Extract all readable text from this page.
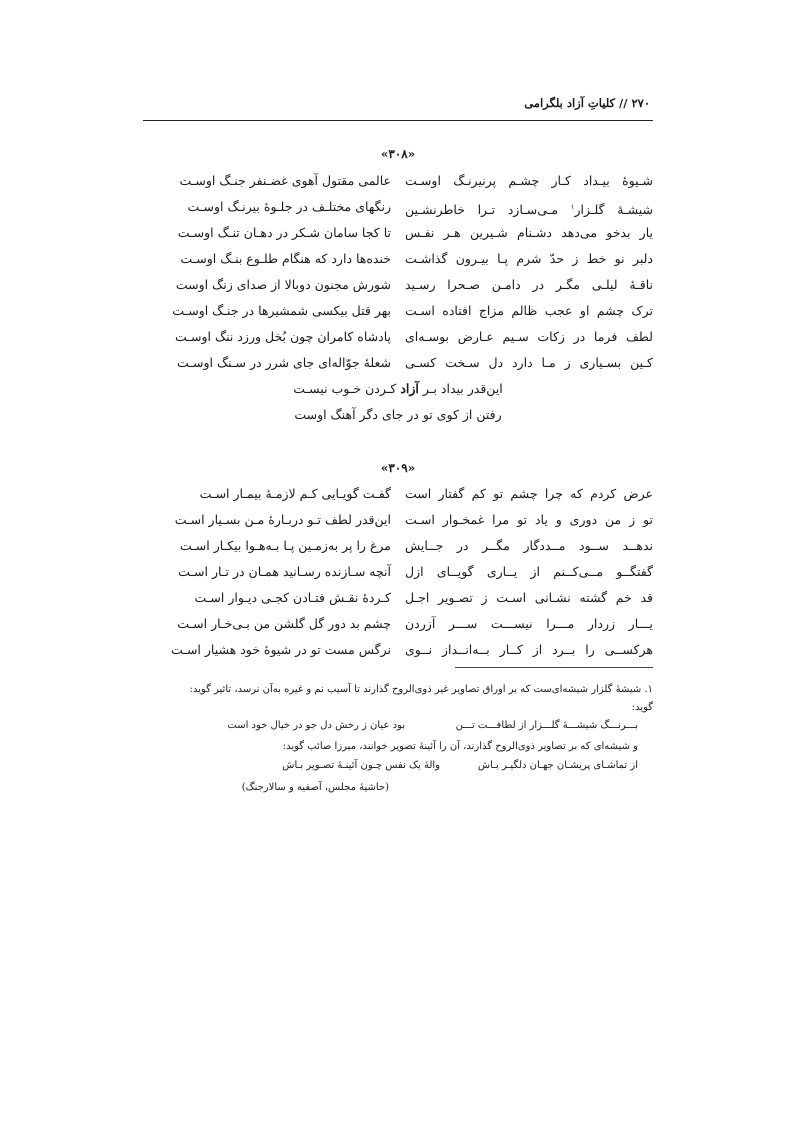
۲۷۰ // کلیاتِ آزاد بلگرامی
«۳۰۸»
شـیوهٔ بیـداد کـار چشـم پرنیرنـگ اوسـت
عالمی مقتول آهوی غضـنفر جنـگ اوسـت
شیشـهٔ گلـزار$^۱$ مـی‌سـازد تـرا خاطرنشـین
رنگهای مختلـف در جلـوهٔ بیرنـگ اوسـت
یار بدخو می‌دهد دشـنام شـیرین هـر نفـس
تا کجا سامان شـکر در دهـان تنـگ اوسـت
دلبر نو خط ز حدّ شرم پـا بیـرون گذاشـت
خنده‌ها دارد که هنگام طلـوع بنـگ اوسـت
ناقـهٔ لیلـی مگـر در دامـن صـحرا رسـید
شورش مجنون دوبالا از صدای زنگ اوست
ترک چشم او عجب ظالم مزاج افتاده اسـت
بهر قتل بیکسی شمشیرها در جنـگ اوسـت
لطف فرما در زکات سـیم عـارض بوسـه‌ای
پادشاه کامران چون بُخل ورزد ننگ اوسـت
کـین بسـیاری ز مـا دارد دل سـخت کسـی
شعلهٔ جوّاله‌ای جای شرر در سـنگ اوسـت
این‌قدر بیداد بـر آزاد کـردن خـوب نیسـت
رفتن از کوی تو در جای دگر آهنگ اوست
«۳۰۹»
عرض کردم که چرا چشم تو کم گفتار است
گفـت گویـایی کـم لازمـهٔ بیمـار اسـت
تو ز من دوری و یاد تو مرا غمخـوار اسـت
این‌قدر لطف تـو دربـارهٔ مـن بسـیار اسـت
ندهــد ســود مــددگار مگــر در جــایش
مرغ را پر به‌زمـین پـا بـه‌هـوا بیکـار اسـت
گفتگــو مــی‌کــنم از یــاری گویــای ازل
آنچه سـازنده رسـانید همـان در تـار اسـت
قد خم گشته نشـانی اسـت ز تصـویر اجـل
کـردهٔ نقـش فتـادن کجـی دیـوار اسـت
یـــار زردار مـــرا نیســـت ســـر آزردن
چشم بد دور گل گلشن من بـی‌خـار اسـت
هرکســی را بــرد از کــار بــه‌انــداز نــوی
نرگس مست تو در شیوهٔ خود هشیار اسـت
۱. شیشهٔ گلزار شیشه‌ای‌ست که بر اوراق تصاویر غیر ذوی‌الروح گذارند تا آسیب نم و غیره به‌آن نرسد، تاثیر گوید:
گوید:
بـــرنـــگ شیشـــهٔ گلـــزار از لطافـــت تـــن
بود عیان ز رخش دل جو در خیال خود است
و شیشه‌ای که بر تصاویر ذوی‌الروح گذارند، آن را آئینهٔ تصویر خوانند، میرزا صائب گوید:
از تماشـای پریشـان جهـان دلگیـر بـاش
والهٔ یک نفس چـون آئینـهٔ تصـویر بـاش
(حاشیهٔ مجلس، آصفیه و سالارجنگ)
